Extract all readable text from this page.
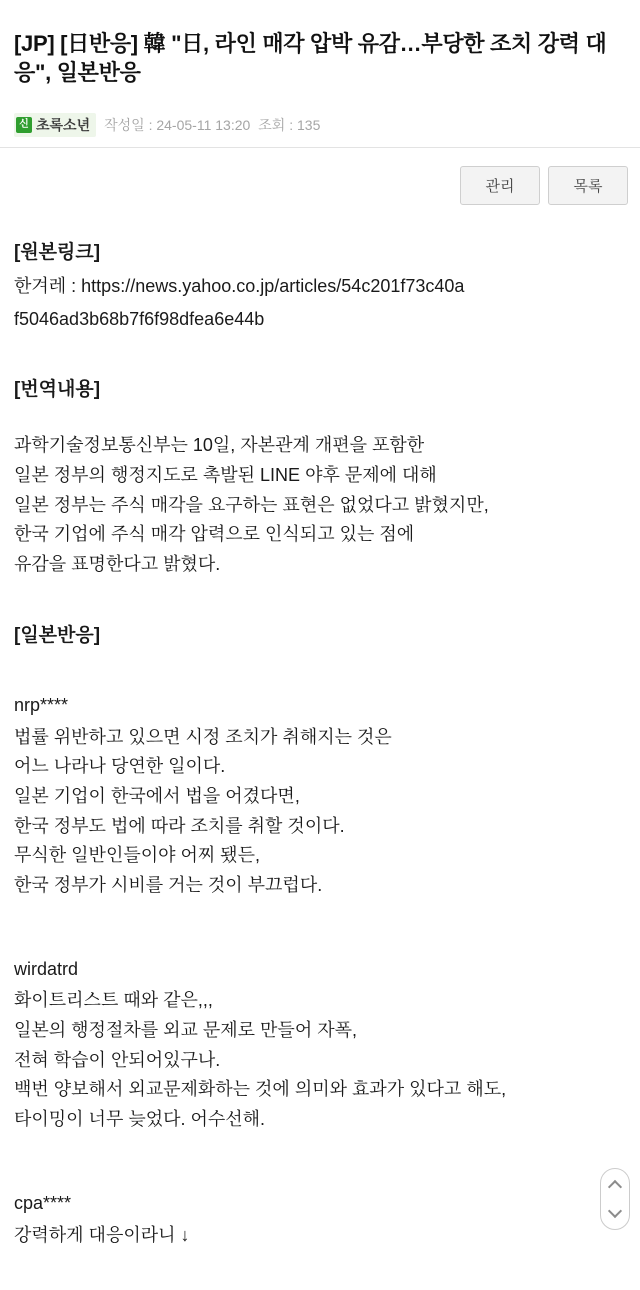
[JP] [日반응] 韓 "日, 라인 매각 압박 유감…부당한 조치 강력 대응", 일본반응
신 초록소년 작성일 : 24-05-11 13:20 조회 : 135
관리	목록
[원본링크]
한겨레 : https://news.yahoo.co.jp/articles/54c201f73c40a
f5046ad3b68b7f6f98dfea6e44b
[번역내용]

과학기술정보통신부는 10일, 자본관계 개편을 포함한

일본 정부의 행정지도로 촉발된 LINE 야후 문제에 대해

일본 정부는 주식 매각을 요구하는 표현은 없었다고 밝혔지만,

한국 기업에 주식 매각 압력으로 인식되고 있는 점에

유감을 표명한다고 밝혔다.

[일본반응]

nrp****

법률 위반하고 있으면 시정 조치가 취해지는 것은

어느 나라나 당연한 일이다.

일본 기업이 한국에서 법을 어겼다면,

한국 정부도 법에 따라 조치를 취할 것이다.

무식한 일반인들이야 어찌 됐든,

한국 정부가 시비를 거는 것이 부끄럽다.

wirdatrd

화이트리스트 때와 같은,,,

일본의 행정절차를 외교 문제로 만들어 자폭,

전혀 학습이 안되어있구나.

백번 양보해서 외교문제화하는 것에 의미와 효과가 있다고 해도,

타이밍이 너무 늦었다. 어수선해.

cpa****

강력하게 대응이라니 ↓
